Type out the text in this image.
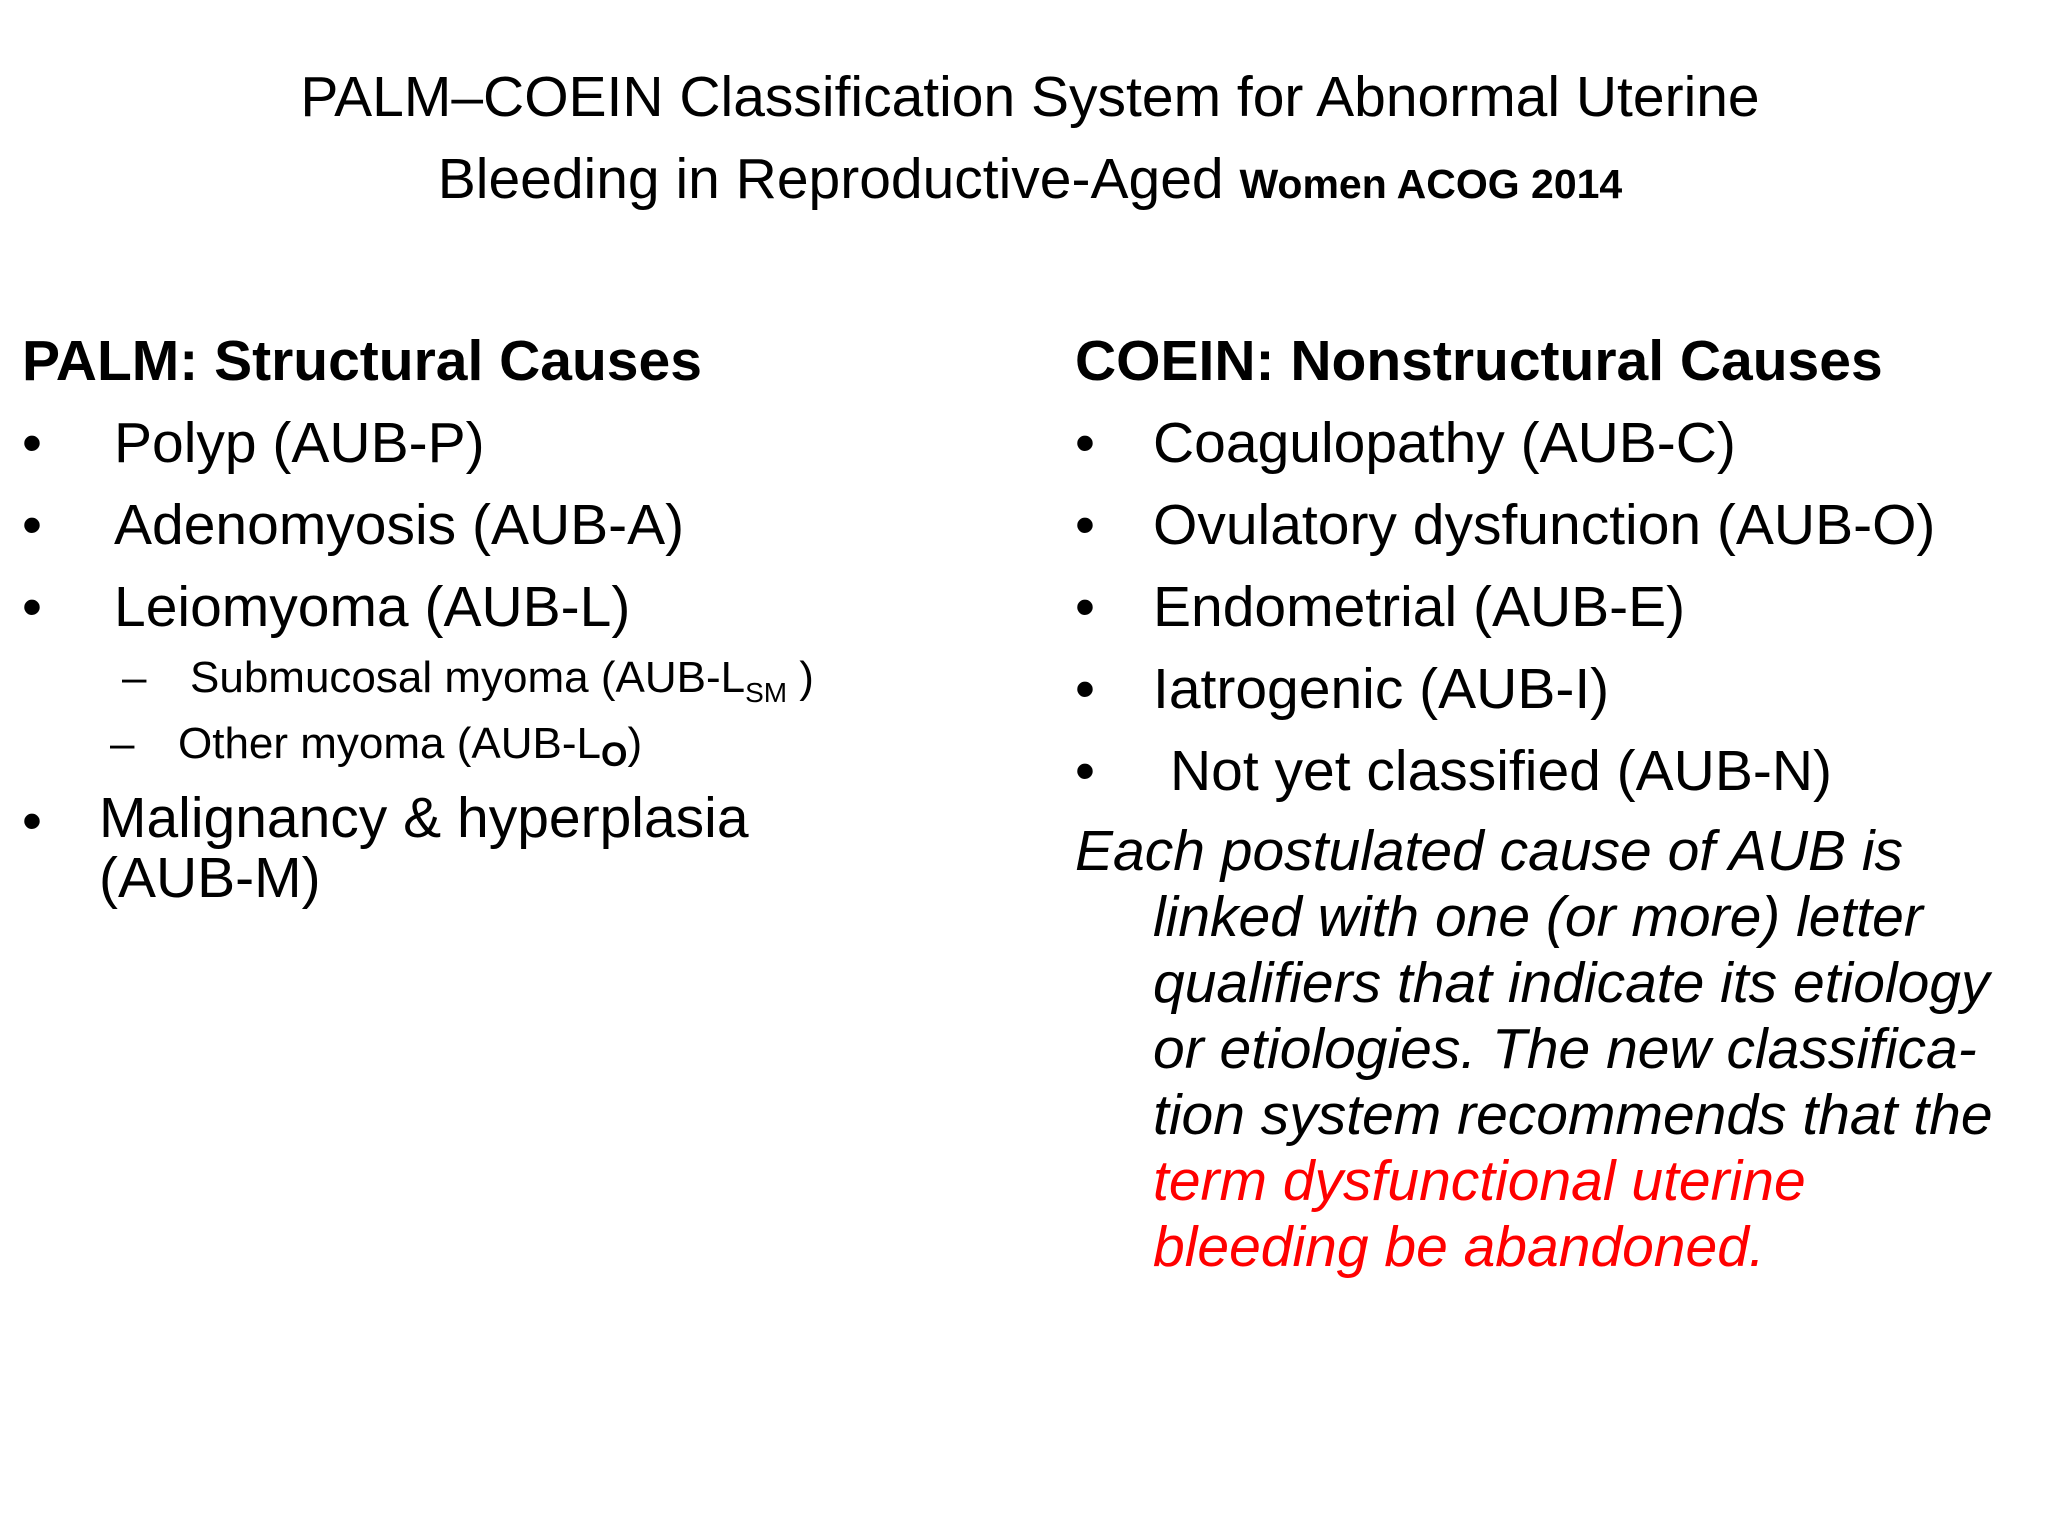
PALM–COEIN Classification System for Abnormal Uterine
Bleeding in Reproductive-Aged Women ACOG 2014
PALM: Structural Causes
•	Polyp (AUB-P)
•	Adenomyosis (AUB-A)
•	Leiomyoma (AUB-L)
– Submucosal myoma ($AUB-L_{SM}$ )
– Other myoma $(AUB-L_O)$
•	Malignancy & hyperplasia (AUB-M)
COEIN: Nonstructural Causes
•	Coagulopathy (AUB-C)
•	Ovulatory dysfunction (AUB-O)
•	Endometrial (AUB-E)
•	Iatrogenic (AUB-I)
•	Not yet classified (AUB-N)
Each postulated cause of AUB is linked with one (or more) letter qualifiers that indicate its etiology or etiologies. The new classifica- tion system recommends that the term dysfunctional uterine bleeding be abandoned.
